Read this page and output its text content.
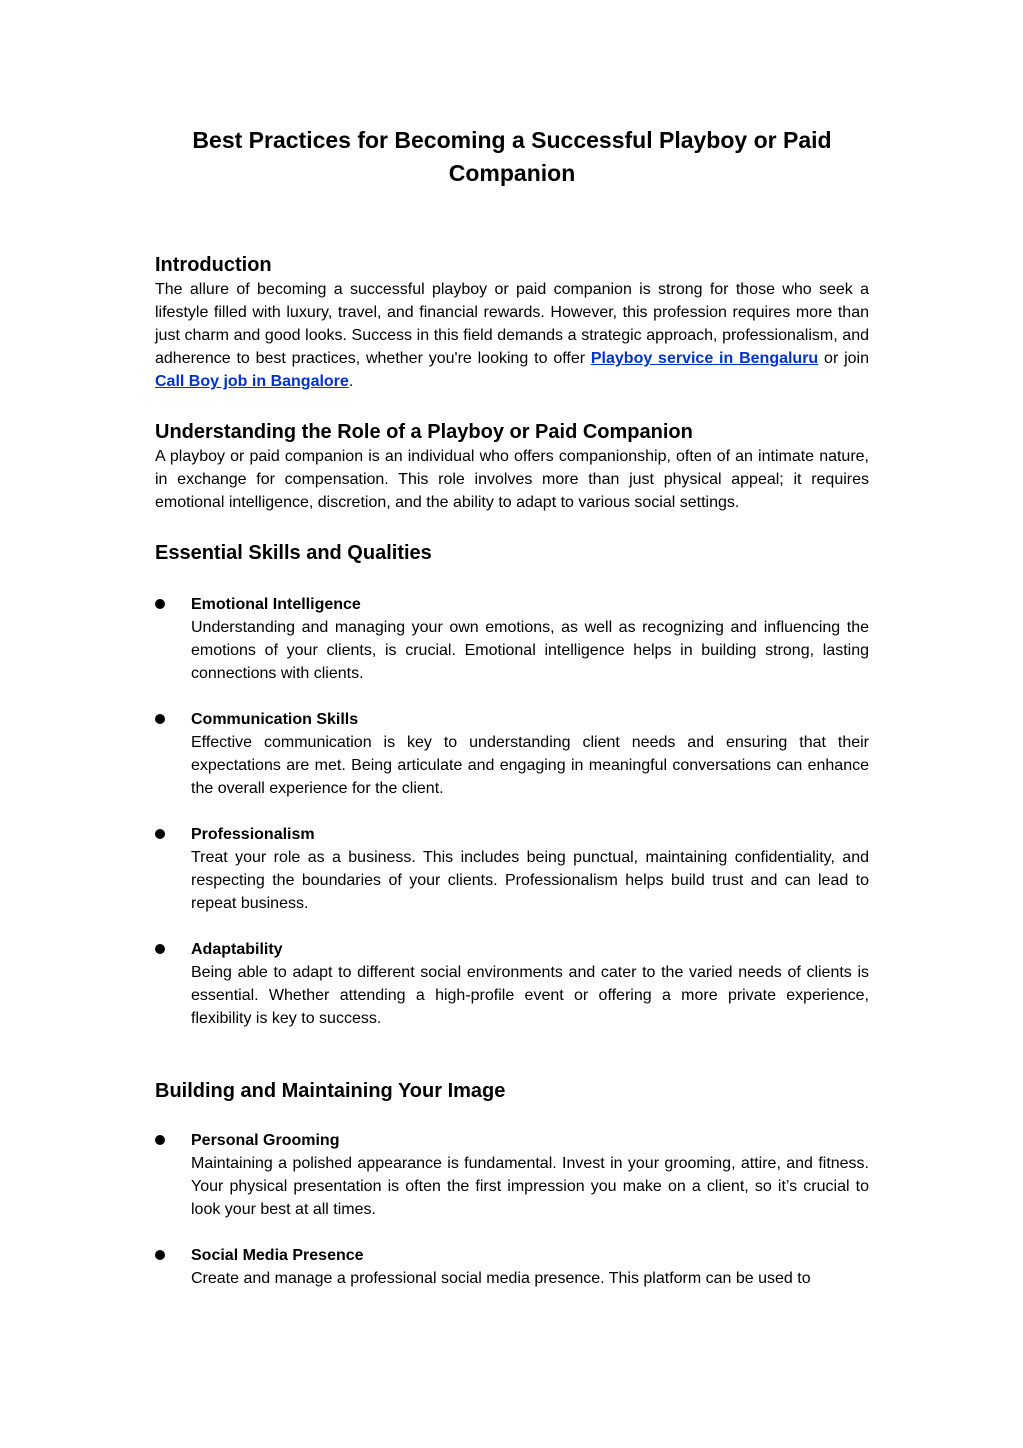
Best Practices for Becoming a Successful Playboy or Paid Companion
Introduction

The allure of becoming a successful playboy or paid companion is strong for those who seek a lifestyle filled with luxury, travel, and financial rewards. However, this profession requires more than just charm and good looks. Success in this field demands a strategic approach, professionalism, and adherence to best practices, whether you're looking to offer Playboy service in Bengaluru or join Call Boy job in Bangalore.

Understanding the Role of a Playboy or Paid Companion

A playboy or paid companion is an individual who offers companionship, often of an intimate nature, in exchange for compensation. This role involves more than just physical appeal; it requires emotional intelligence, discretion, and the ability to adapt to various social settings.

Essential Skills and Qualities
Emotional Intelligence

Understanding and managing your own emotions, as well as recognizing and influencing the emotions of your clients, is crucial. Emotional intelligence helps in building strong, lasting connections with clients.

Communication Skills

Effective communication is key to understanding client needs and ensuring that their expectations are met. Being articulate and engaging in meaningful conversations can enhance the overall experience for the client.

Professionalism

Treat your role as a business. This includes being punctual, maintaining confidentiality, and respecting the boundaries of your clients. Professionalism helps build trust and can lead to repeat business.

Adaptability

Being able to adapt to different social environments and cater to the varied needs of clients is essential. Whether attending a high-profile event or offering a more private experience, flexibility is key to success.

Building and Maintaining Your Image
Personal Grooming

Maintaining a polished appearance is fundamental. Invest in your grooming, attire, and fitness. Your physical presentation is often the first impression you make on a client, so it’s crucial to look your best at all times.

Social Media Presence

Create and manage a professional social media presence. This platform can be used to
